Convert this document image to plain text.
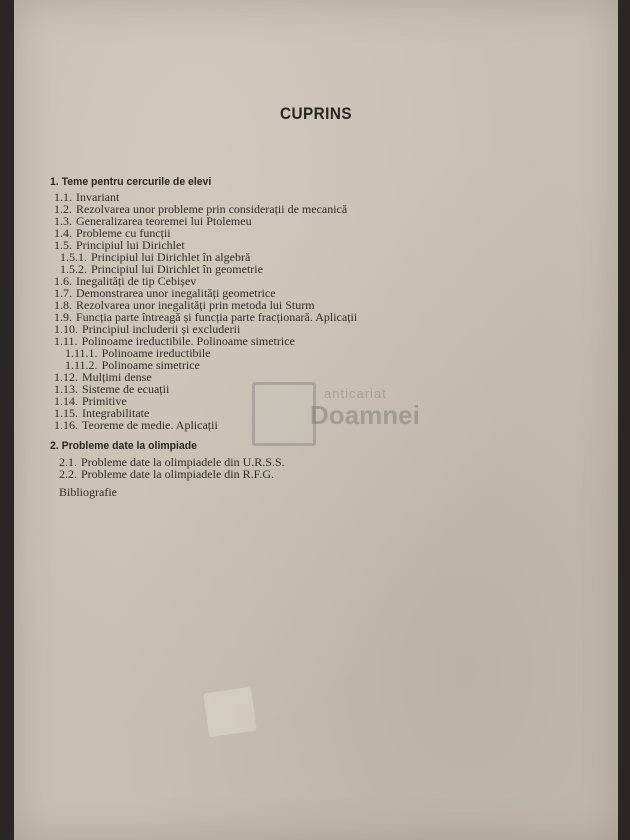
CUPRINS
1. Teme pentru cercurile de elevi
1.1. Invariant
1.2. Rezolvarea unor probleme prin considerații de mecanică
1.3. Generalizarea teoremei lui Ptolemeu
1.4. Probleme cu funcții
1.5. Principiul lui Dirichlet
1.5.1. Principiul lui Dirichlet în algebră
1.5.2. Principiul lui Dirichlet în geometrie
1.6. Inegalități de tip Cebișev
1.7. Demonstrarea unor inegalități geometrice
1.8. Rezolvarea unor inegalități prin metoda lui Sturm
1.9. Funcția parte întreagă și funcția parte fracționară. Aplicații
1.10. Principiul includerii și excluderii
1.11. Polinoame ireductibile. Polinoame simetrice
1.11.1. Polinoame ireductibile
1.11.2. Polinoame simetrice
1.12. Mulțimi dense
1.13. Sisteme de ecuații
1.14. Primitive
1.15. Integrabilitate
1.16. Teoreme de medie. Aplicații
2. Probleme date la olimpiade
2.1. Probleme date la olimpiadele din U.R.S.S.
2.2. Probleme date la olimpiadele din R.F.G.
Bibliografie
anticariat
Doamnei
